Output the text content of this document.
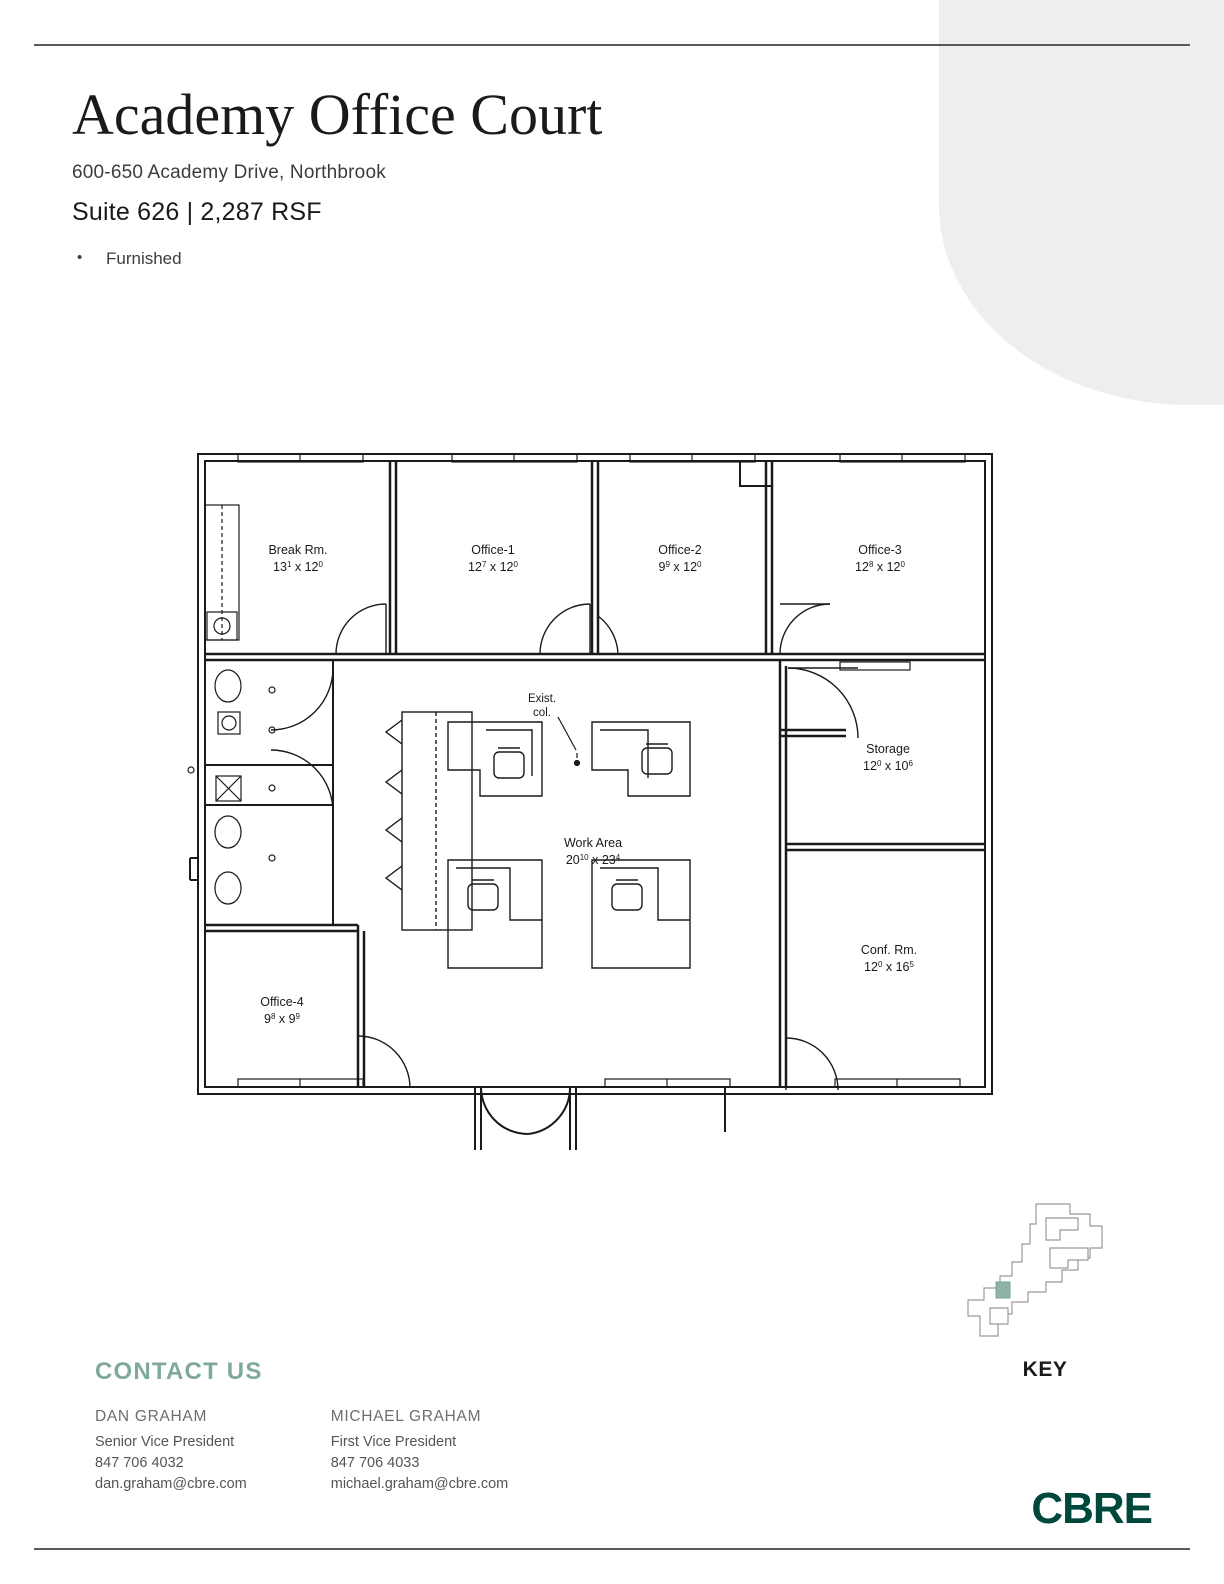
Academy Office Court

600-650 Academy Drive, Northbrook

Suite 626 | 2,287 RSF

• Furnished
Break Rm.
$13^1$ x $12^0$
Office-1
$12^7$ x $12^0$
Office-2
$9^9$ x $12^0$
Office-3
$12^8$ x $12^0$
Storage
$12^0$ x $10^6$
Conf. Rm.
$12^0$ x $16^5$
Office-4
$9^8$ x $9^9$
Work Area
$20^{10}$ x $23^4$
Exist.
col.
KEY
CONTACT US
DAN GRAHAM
Senior Vice President
847 706 4032
dan.graham@cbre.com
MICHAEL GRAHAM
First Vice President
847 706 4033
michael.graham@cbre.com	CBRE
